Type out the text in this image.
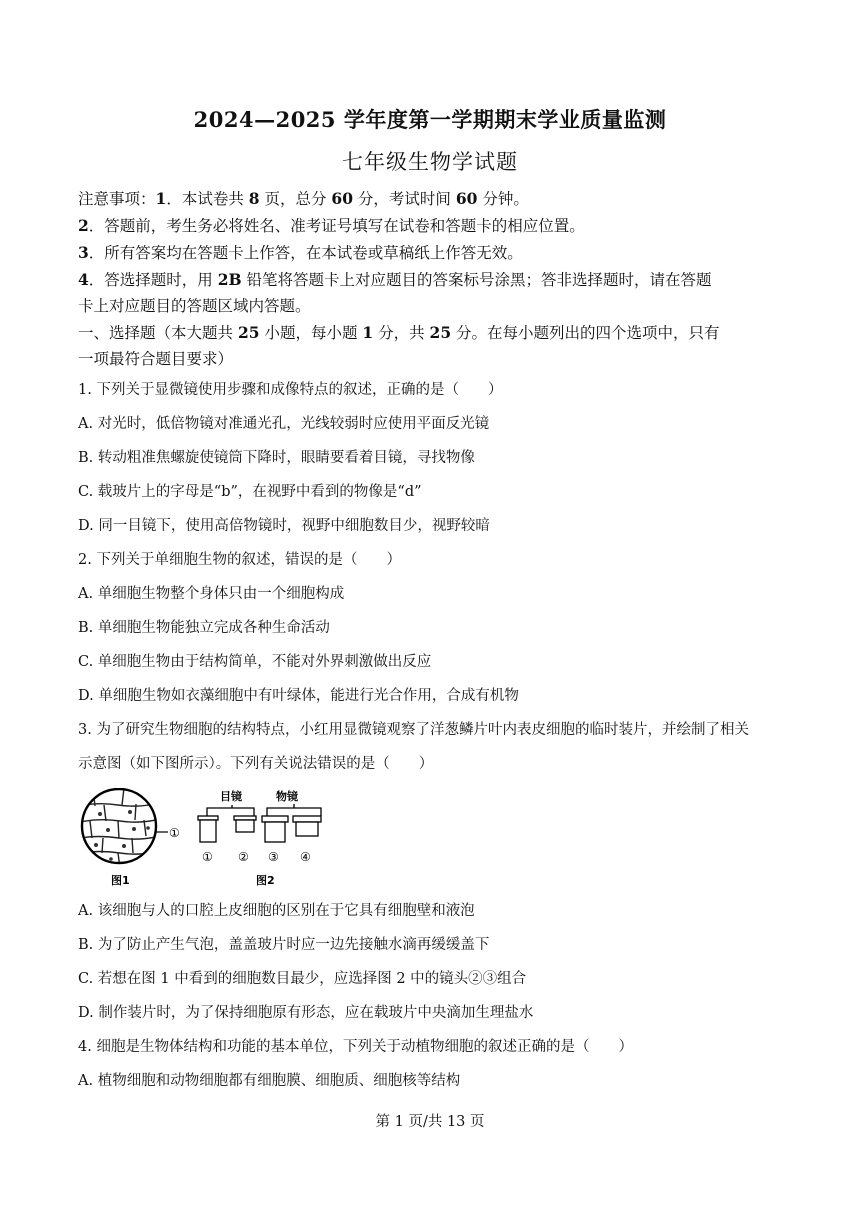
2024—2025 学年度第一学期期末学业质量监测
七年级生物学试题
注意事项：1．本试卷共 8 页，总分 60 分，考试时间 60 分钟。
2．答题前，考生务必将姓名、准考证号填写在试卷和答题卡的相应位置。
3．所有答案均在答题卡上作答，在本试卷或草稿纸上作答无效。
4．答选择题时，用 2B 铅笔将答题卡上对应题目的答案标号涂黑；答非选择题时，请在答题
卡上对应题目的答题区域内答题。
一、选择题（本大题共 25 小题，每小题 1 分，共 25 分。在每小题列出的四个选项中，只有
一项最符合题目要求）
1. 下列关于显微镜使用步骤和成像特点的叙述，正确的是（　　）
A. 对光时，低倍物镜对准通光孔，光线较弱时应使用平面反光镜
B. 转动粗准焦螺旋使镜筒下降时，眼睛要看着目镜，寻找物像
C. 载玻片上的字母是“b”，在视野中看到的物像是“d”
D. 同一目镜下，使用高倍物镜时，视野中细胞数目少，视野较暗
2. 下列关于单细胞生物的叙述，错误的是（　　）
A. 单细胞生物整个身体只由一个细胞构成
B. 单细胞生物能独立完成各种生命活动
C. 单细胞生物由于结构简单，不能对外界刺激做出反应
D. 单细胞生物如衣藻细胞中有叶绿体，能进行光合作用，合成有机物
3. 为了研究生物细胞的结构特点，小红用显微镜观察了洋葱鳞片叶内表皮细胞的临时装片，并绘制了相关
示意图（如下图所示）。下列有关说法错误的是（　　）
①
图1
目镜	物镜
① ② ③ ④
图2
A. 该细胞与人的口腔上皮细胞的区别在于它具有细胞壁和液泡
B. 为了防止产生气泡，盖盖玻片时应一边先接触水滴再缓缓盖下
C. 若想在图 1 中看到的细胞数目最少，应选择图 2 中的镜头②③组合
D. 制作装片时，为了保持细胞原有形态，应在载玻片中央滴加生理盐水
4. 细胞是生物体结构和功能的基本单位，下列关于动植物细胞的叙述正确的是（　　）
A. 植物细胞和动物细胞都有细胞膜、细胞质、细胞核等结构
第 1 页/共 13 页
